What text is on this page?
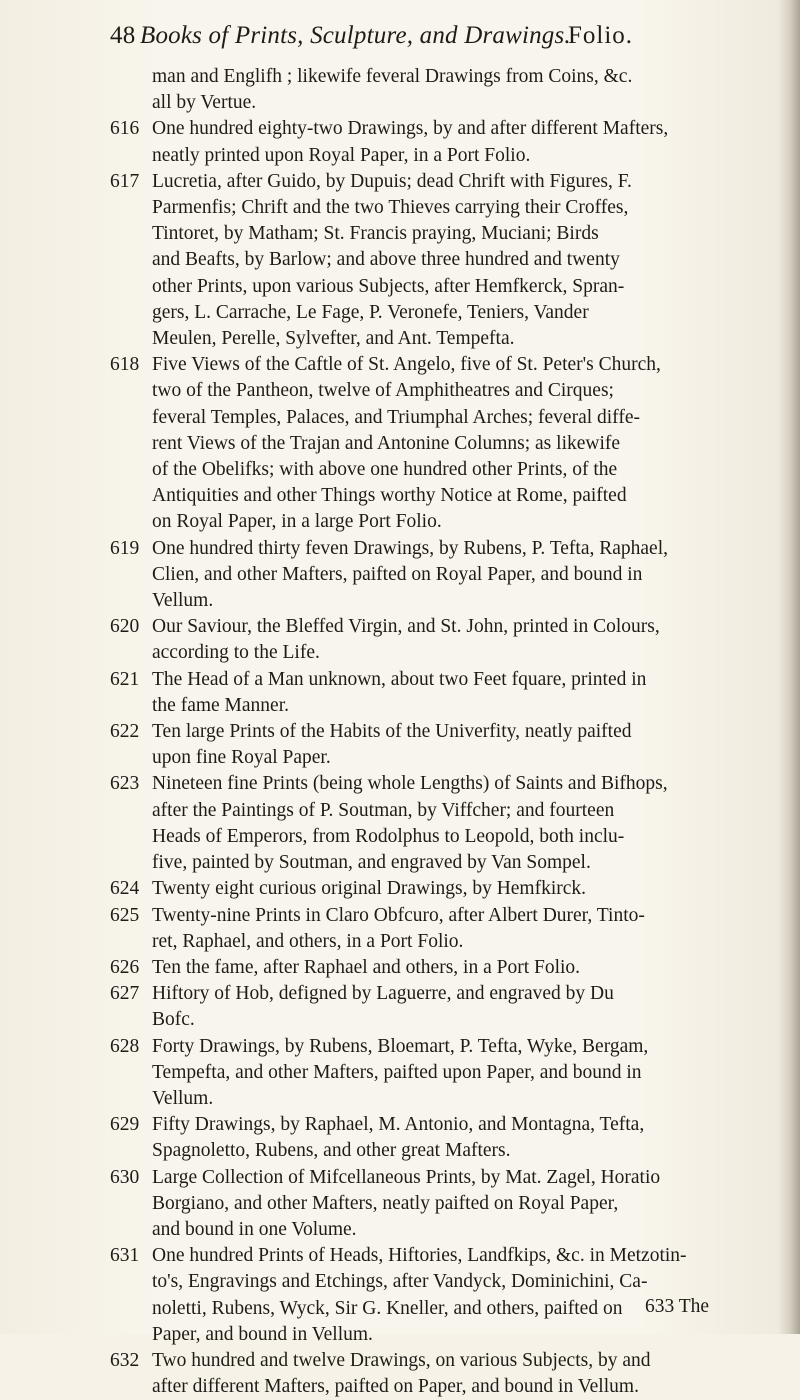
48 Books of Prints, Sculpture, and Drawings.
Folio.
man and Englifh ; likewife feveral Drawings from Coins, &c.
all by Vertue.
616 One hundred eighty-two Drawings, by and after different Mafters,
neatly printed upon Royal Paper, in a Port Folio.
617 Lucretia, after Guido, by Dupuis; dead Chrift with Figures, F.
Parmenfis; Chrift and the two Thieves carrying their Croffes,
Tintoret, by Matham; St. Francis praying, Muciani; Birds
and Beafts, by Barlow; and above three hundred and twenty
other Prints, upon various Subjects, after Hemfkerck, Spran-
gers, L. Carrache, Le Fage, P. Veronefe, Teniers, Vander
Meulen, Perelle, Sylvefter, and Ant. Tempefta.
618 Five Views of the Caftle of St. Angelo, five of St. Peter's Church,
two of the Pantheon, twelve of Amphitheatres and Cirques;
feveral Temples, Palaces, and Triumphal Arches; feveral diffe-
rent Views of the Trajan and Antonine Columns; as likewife
of the Obelifks; with above one hundred other Prints, of the
Antiquities and other Things worthy Notice at Rome, paifted
on Royal Paper, in a large Port Folio.
619 One hundred thirty feven Drawings, by Rubens, P. Tefta, Raphael,
Clien, and other Mafters, paifted on Royal Paper, and bound in
Vellum.
620 Our Saviour, the Bleffed Virgin, and St. John, printed in Colours,
according to the Life.
621 The Head of a Man unknown, about two Feet fquare, printed in
the fame Manner.
622 Ten large Prints of the Habits of the Univerfity, neatly paifted
upon fine Royal Paper.
623 Nineteen fine Prints (being whole Lengths) of Saints and Bifhops,
after the Paintings of P. Soutman, by Viffcher; and fourteen
Heads of Emperors, from Rodolphus to Leopold, both inclu-
five, painted by Soutman, and engraved by Van Sompel.
624 Twenty eight curious original Drawings, by Hemfkirck.
625 Twenty-nine Prints in Claro Obfcuro, after Albert Durer, Tinto-
ret, Raphael, and others, in a Port Folio.
626 Ten the fame, after Raphael and others, in a Port Folio.
627 Hiftory of Hob, defigned by Laguerre, and engraved by Du
Bofc.
628 Forty Drawings, by Rubens, Bloemart, P. Tefta, Wyke, Bergam,
Tempefta, and other Mafters, paifted upon Paper, and bound in
Vellum.
629 Fifty Drawings, by Raphael, M. Antonio, and Montagna, Tefta,
Spagnoletto, Rubens, and other great Mafters.
630 Large Collection of Mifcellaneous Prints, by Mat. Zagel, Horatio
Borgiano, and other Mafters, neatly paifted on Royal Paper,
and bound in one Volume.
631 One hundred Prints of Heads, Hiftories, Landfkips, &c. in Metzotin-
to's, Engravings and Etchings, after Vandyck, Dominichini, Ca-
noletti, Rubens, Wyck, Sir G. Kneller, and others, paifted on
Paper, and bound in Vellum.
632 Two hundred and twelve Drawings, on various Subjects, by and
after different Mafters, paifted on Paper, and bound in Vellum.
633 The
